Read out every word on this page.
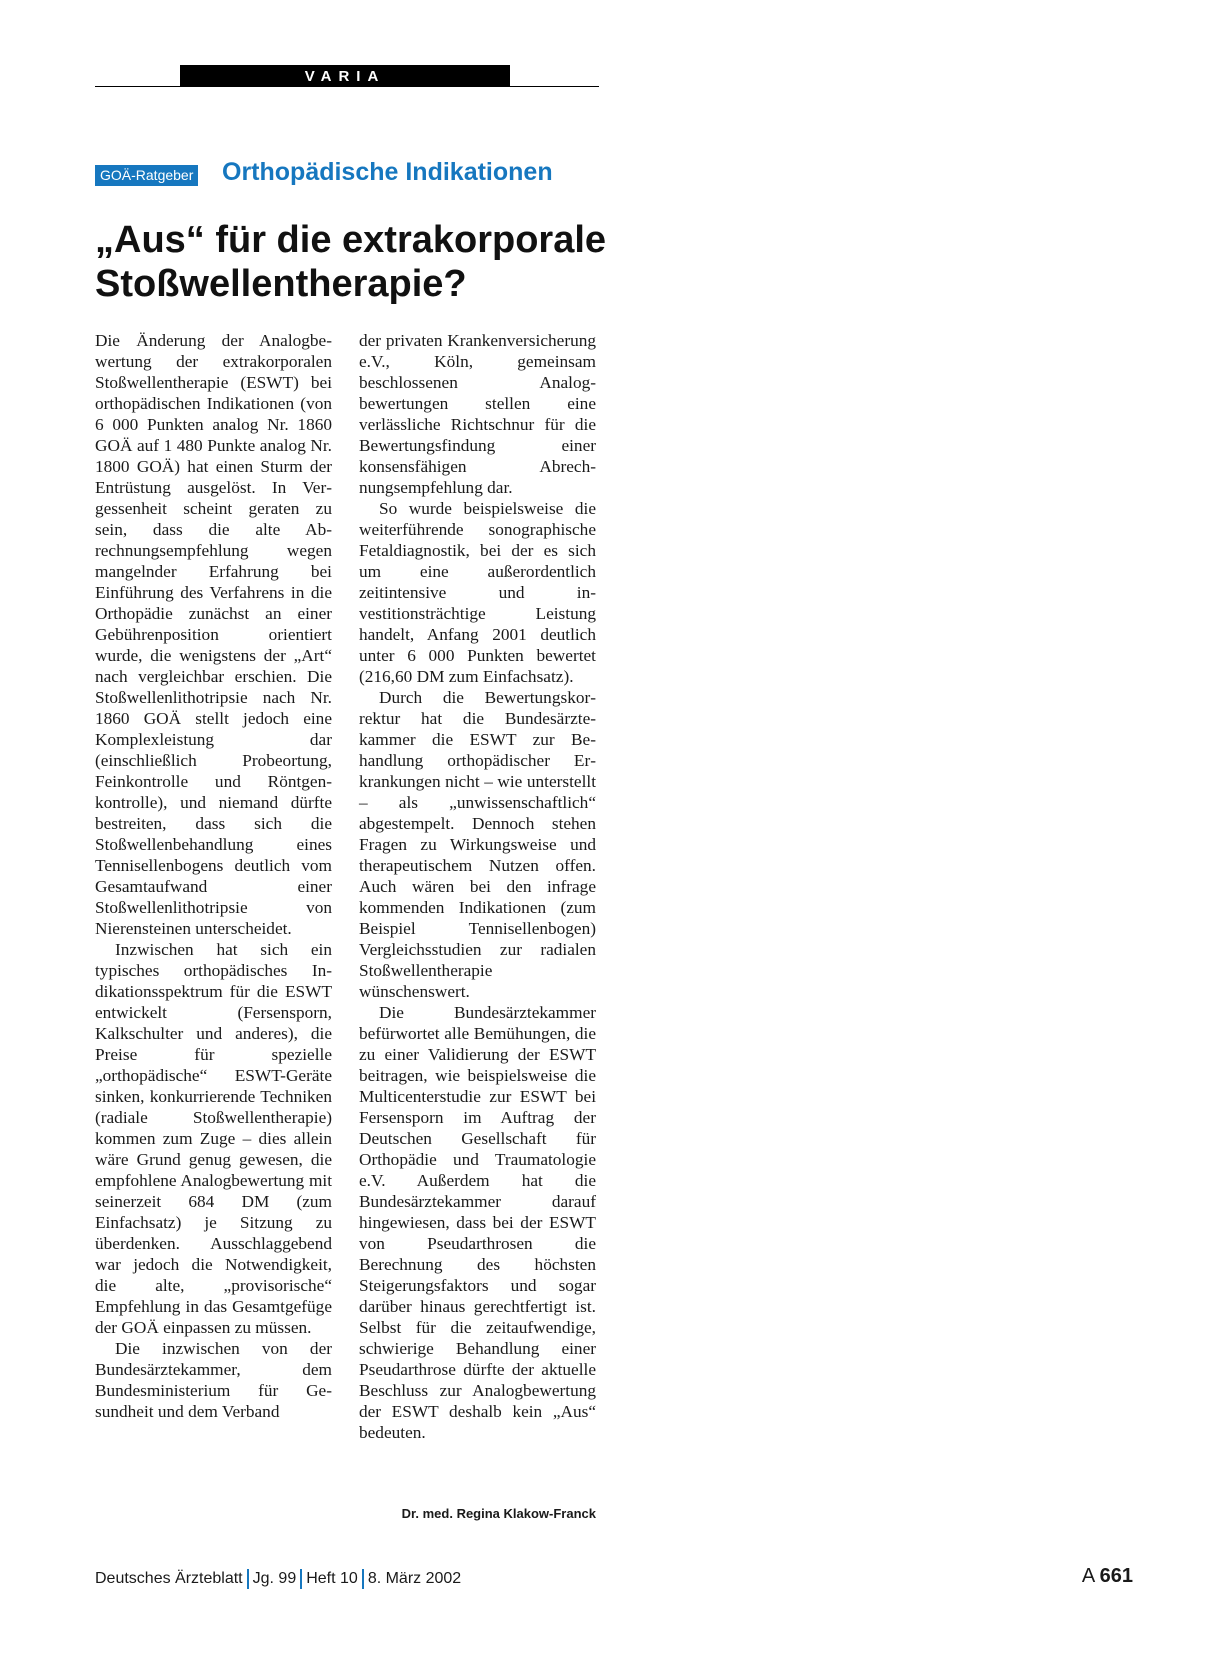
VARIA
GOÄ-Ratgeber Orthopädische Indikationen
„Aus“ für die extrakorporale
Stoßwellentherapie?

Die Änderung der Analogbewertung der extrakorporalen Stoßwellentherapie (ESWT) bei orthopädischen Indikationen (von 6 000 Punkten analog Nr. 1860 GOÄ auf 1 480 Punkte analog Nr. 1800 GOÄ) hat einen Sturm der Entrüstung ausgelöst. In Vergessenheit scheint geraten zu sein, dass die alte Abrechnungsempfehlung wegen mangelnder Erfahrung bei Einführung des Verfahrens in die Orthopädie zunächst an einer Gebührenposition orientiert wurde, die wenigstens der „Art“ nach vergleichbar erschien. Die Stoßwellenlithotripsie nach Nr. 1860 GOÄ stellt jedoch eine Komplexleistung dar (einschließlich Probeortung, Feinkontrolle und Röntgenkontrolle), und niemand dürfte bestreiten, dass sich die Stoßwellenbehandlung eines Tennisellenbogens deutlich vom Gesamtaufwand einer Stoßwellenlithotripsie von Nierensteinen unterscheidet.

Inzwischen hat sich ein typisches orthopädisches Indikationsspektrum für die ESWT entwickelt (Fersensporn, Kalkschulter und anderes), die Preise für spezielle „orthopädische“ ESWT-Geräte sinken, konkurrierende Techniken (radiale Stoßwellentherapie) kommen zum Zuge – dies allein wäre Grund genug gewesen, die empfohlene Analogbewertung mit seinerzeit 684 DM (zum Einfachsatz) je Sitzung zu überdenken. Ausschlaggebend war jedoch die Notwendigkeit, die alte, „provisorische“ Empfehlung in das Gesamtgefüge der GOÄ einpassen zu müssen.

Die inzwischen von der Bundesärztekammer, dem Bundesministerium für Gesundheit und dem Verband

der privaten Krankenversicherung e.V., Köln, gemeinsam beschlossenen Analogbewertungen stellen eine verlässliche Richtschnur für die Bewertungsfindung einer konsensfähigen Abrechnungsempfehlung dar.

So wurde beispielsweise die weiterführende sonographische Fetaldiagnostik, bei der es sich um eine außerordentlich zeitintensive und investitionsträchtige Leistung handelt, Anfang 2001 deutlich unter 6 000 Punkten bewertet (216,60 DM zum Einfachsatz).

Durch die Bewertungskorrektur hat die Bundesärztekammer die ESWT zur Behandlung orthopädischer Erkrankungen nicht – wie unterstellt – als „unwissenschaftlich“ abgestempelt. Dennoch stehen Fragen zu Wirkungsweise und therapeutischem Nutzen offen. Auch wären bei den infrage kommenden Indikationen (zum Beispiel Tennisellenbogen) Vergleichsstudien zur radialen Stoßwellentherapie wünschenswert.

Die Bundesärztekammer befürwortet alle Bemühungen, die zu einer Validierung der ESWT beitragen, wie beispielsweise die Multicenterstudie zur ESWT bei Fersensporn im Auftrag der Deutschen Gesellschaft für Orthopädie und Traumatologie e.V. Außerdem hat die Bundesärztekammer darauf hingewiesen, dass bei der ESWT von Pseudarthrosen die Berechnung des höchsten Steigerungsfaktors und sogar darüber hinaus gerechtfertigt ist. Selbst für die zeitaufwendige, schwierige Behandlung einer Pseudarthrose dürfte der aktuelle Beschluss zur Analogbewertung der ESWT deshalb kein „Aus“ bedeuten.

Dr. med. Regina Klakow-Franck
Deutsches Ärzteblatt Jg. 99 Heft 10 8. März 2002	A 661
